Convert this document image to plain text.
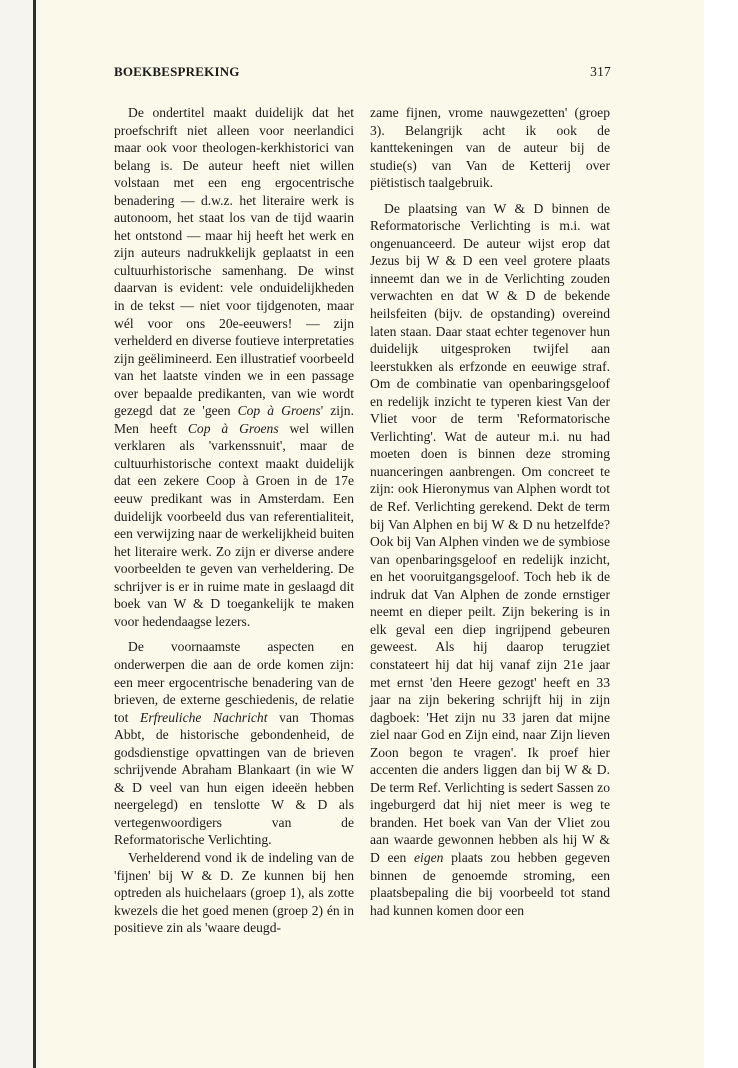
BOEKBESPREKING	317

De ondertitel maakt duidelijk dat het proefschrift niet alleen voor neerlandici maar ook voor theologen-kerkhistorici van belang is. De auteur heeft niet willen volstaan met een eng ergocentrische benadering — d.w.z. het literaire werk is autonoom, het staat los van de tijd waarin het ontstond — maar hij heeft het werk en zijn auteurs nadrukkelijk geplaatst in een cultuurhistorische samenhang. De winst daarvan is evident: vele onduidelijkheden in de tekst — niet voor tijdgenoten, maar wél voor ons 20e-eeuwers! — zijn verhelderd en diverse foutieve interpretaties zijn geëlimineerd. Een illustratief voorbeeld van het laatste vinden we in een passage over bepaalde predikanten, van wie wordt gezegd dat ze 'geen Cop à Groens' zijn. Men heeft Cop à Groens wel willen verklaren als 'varkenssnuit', maar de cultuurhistorische context maakt duidelijk dat een zekere Coop à Groen in de 17e eeuw predikant was in Amsterdam. Een duidelijk voorbeeld dus van referentialiteit, een verwijzing naar de werkelijkheid buiten het literaire werk. Zo zijn er diverse andere voorbeelden te geven van verheldering. De schrijver is er in ruime mate in geslaagd dit boek van W & D toegankelijk te maken voor hedendaagse lezers.

De voornaamste aspecten en onderwerpen die aan de orde komen zijn: een meer ergocentrische benadering van de brieven, de externe geschiedenis, de relatie tot Erfreuliche Nachricht van Thomas Abbt, de historische gebondenheid, de godsdienstige opvattingen van de brieven schrijvende Abraham Blankaart (in wie W & D veel van hun eigen ideeën hebben neergelegd) en tenslotte W & D als vertegenwoordigers van de Reformatorische Verlichting.

Verhelderend vond ik de indeling van de 'fijnen' bij W & D. Ze kunnen bij hen optreden als huichelaars (groep 1), als zotte kwezels die het goed menen (groep 2) én in positieve zin als 'waare deugd-

zame fijnen, vrome nauwgezetten' (groep 3). Belangrijk acht ik ook de kanttekeningen van de auteur bij de studie(s) van Van de Ketterij over piëtistisch taalgebruik.

De plaatsing van W & D binnen de Reformatorische Verlichting is m.i. wat ongenuanceerd. De auteur wijst erop dat Jezus bij W & D een veel grotere plaats inneemt dan we in de Verlichting zouden verwachten en dat W & D de bekende heilsfeiten (bijv. de opstanding) overeind laten staan. Daar staat echter tegenover hun duidelijk uitgesproken twijfel aan leerstukken als erfzonde en eeuwige straf. Om de combinatie van openbaringsgeloof en redelijk inzicht te typeren kiest Van der Vliet voor de term 'Reformatorische Verlichting'. Wat de auteur m.i. nu had moeten doen is binnen deze stroming nuanceringen aanbrengen. Om concreet te zijn: ook Hieronymus van Alphen wordt tot de Ref. Verlichting gerekend. Dekt de term bij Van Alphen en bij W & D nu hetzelfde? Ook bij Van Alphen vinden we de symbiose van openbaringsgeloof en redelijk inzicht, en het vooruitgangsgeloof. Toch heb ik de indruk dat Van Alphen de zonde ernstiger neemt en dieper peilt. Zijn bekering is in elk geval een diep ingrijpend gebeuren geweest. Als hij daarop terugziet constateert hij dat hij vanaf zijn 21e jaar met ernst 'den Heere gezogt' heeft en 33 jaar na zijn bekering schrijft hij in zijn dagboek: 'Het zijn nu 33 jaren dat mijne ziel naar God en Zijn eind, naar Zijn lieven Zoon begon te vragen'. Ik proef hier accenten die anders liggen dan bij W & D. De term Ref. Verlichting is sedert Sassen zo ingeburgerd dat hij niet meer is weg te branden. Het boek van Van der Vliet zou aan waarde gewonnen hebben als hij W & D een eigen plaats zou hebben gegeven binnen de genoemde stroming, een plaatsbepaling die bij voorbeeld tot stand had kunnen komen door een
